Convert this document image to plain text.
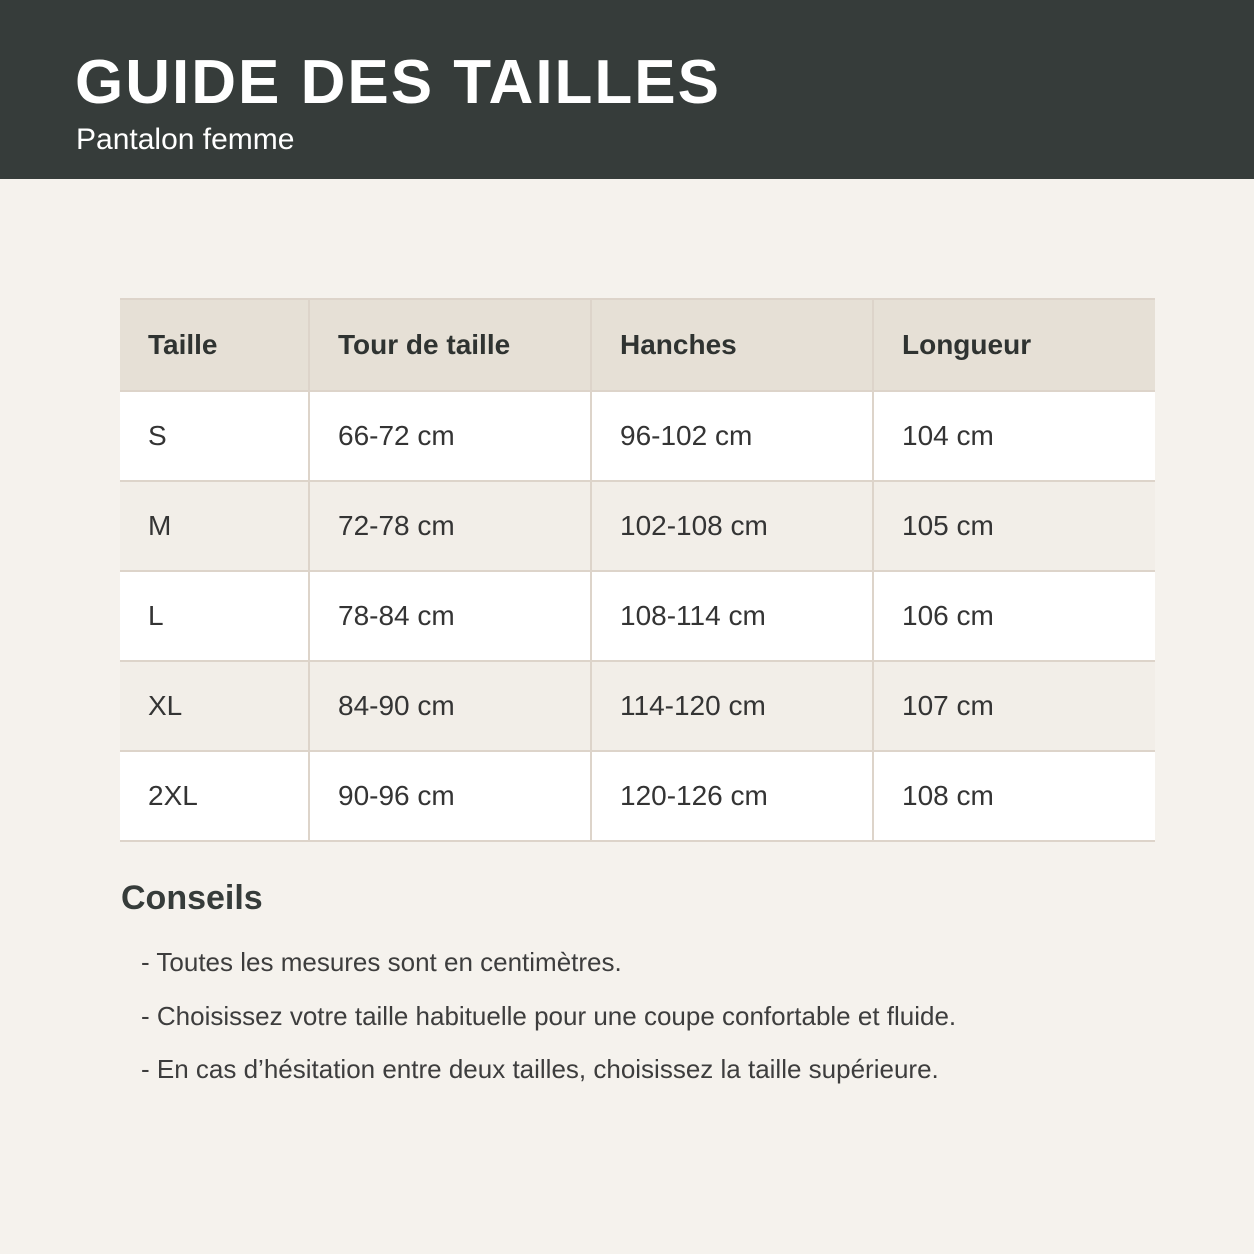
GUIDE DES TAILLES
Pantalon femme
Taille	Tour de taille	Hanches	Longueur
S	66-72 cm	96-102 cm	104 cm
M	72-78 cm	102-108 cm	105 cm
L	78-84 cm	108-114 cm	106 cm
XL	84-90 cm	114-120 cm	107 cm
2XL	90-96 cm	120-126 cm	108 cm
Conseils
- Toutes les mesures sont en centimètres.
- Choisissez votre taille habituelle pour une coupe confortable et fluide.
- En cas d’hésitation entre deux tailles, choisissez la taille supérieure.
